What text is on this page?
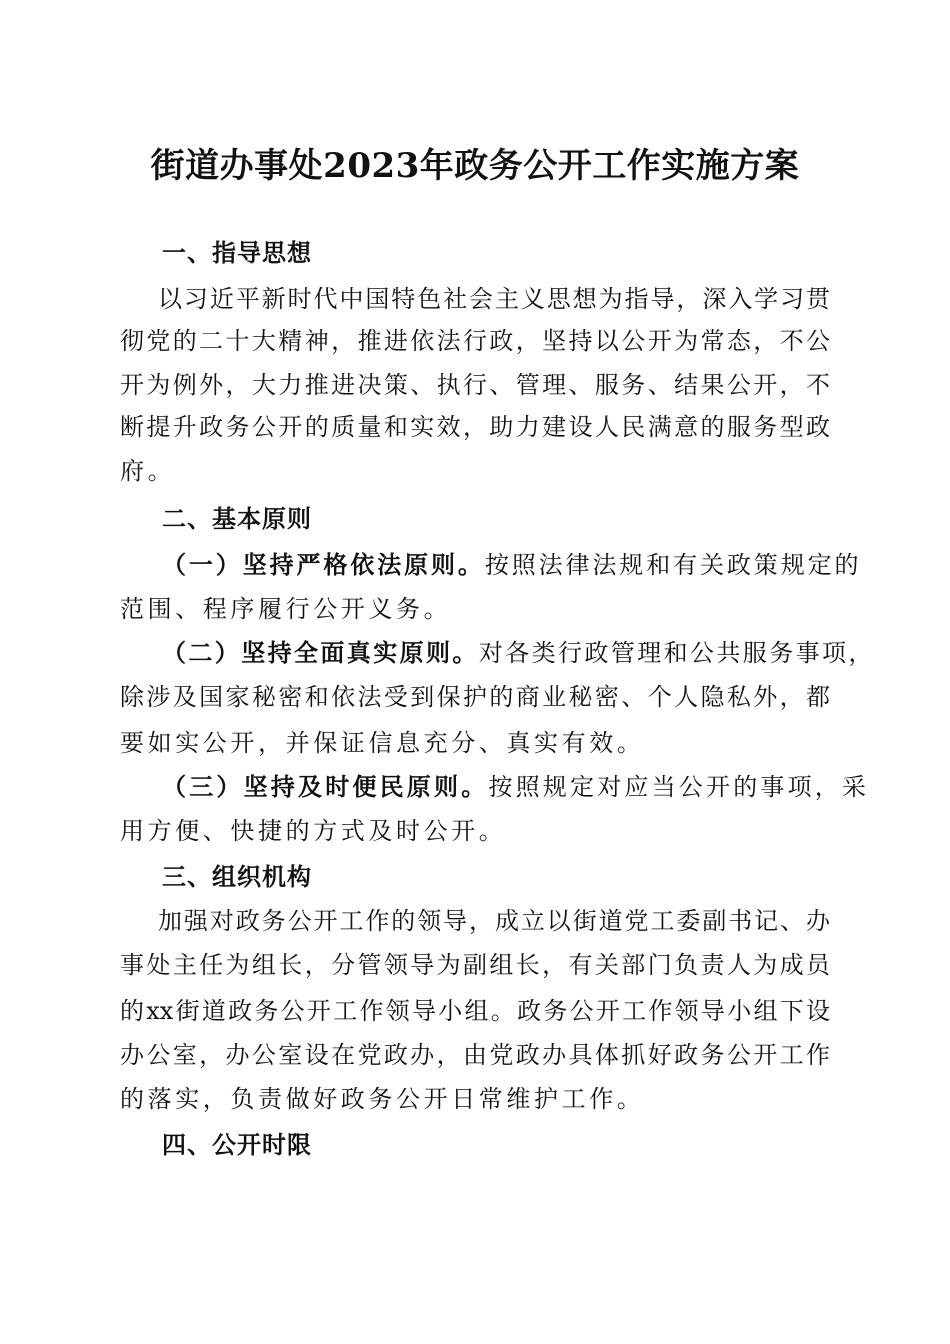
街道办事处2023年政务公开工作实施方案
一、指导思想
以习近平新时代中国特色社会主义思想为指导，深入学习贯
彻党的二十大精神，推进依法行政，坚持以公开为常态，不公
开为例外，大力推进决策、执行、管理、服务、结果公开，不
断提升政务公开的质量和实效，助力建设人民满意的服务型政
府。
二、基本原则
（一）坚持严格依法原则。按照法律法规和有关政策规定的
范围、程序履行公开义务。
（二）坚持全面真实原则。对各类行政管理和公共服务事项，
除涉及国家秘密和依法受到保护的商业秘密、个人隐私外，都
要如实公开，并保证信息充分、真实有效。
（三）坚持及时便民原则。按照规定对应当公开的事项，采
用方便、快捷的方式及时公开。
三、组织机构
加强对政务公开工作的领导，成立以街道党工委副书记、办
事处主任为组长，分管领导为副组长，有关部门负责人为成员
的xx街道政务公开工作领导小组。政务公开工作领导小组下设
办公室，办公室设在党政办，由党政办具体抓好政务公开工作
的落实，负责做好政务公开日常维护工作。
四、公开时限
